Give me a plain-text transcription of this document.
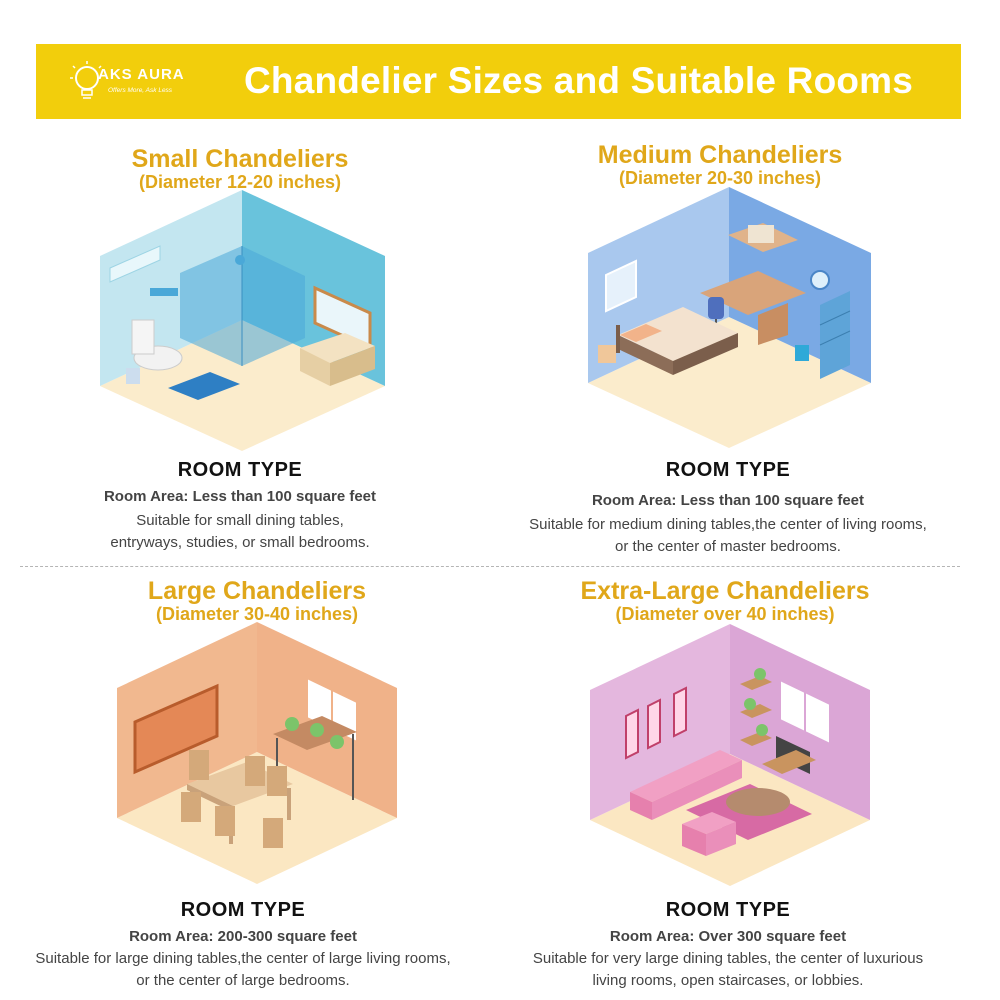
AKS AURA
Offers More, Ask Less Chandelier Sizes and Suitable Rooms
Small Chandeliers
(Diameter 12-20 inches)
ROOM TYPE
Room Area: Less than 100 square feet
Suitable for small dining tables,
entryways, studies, or small bedrooms.
Medium Chandeliers
(Diameter 20-30 inches)
ROOM TYPE
Room Area: Less than 100 square feet
Suitable for medium dining tables,the center of living rooms,
or the center of master bedrooms.
Large Chandeliers
(Diameter 30-40 inches)
ROOM TYPE
Room Area: 200-300 square feet
Suitable for large dining tables,the center of large living rooms,
or the center of large bedrooms.
Extra-Large Chandeliers
(Diameter over 40 inches)
ROOM TYPE
Room Area: Over 300 square feet
Suitable for very large dining tables, the center of luxurious
living rooms, open staircases, or lobbies.
